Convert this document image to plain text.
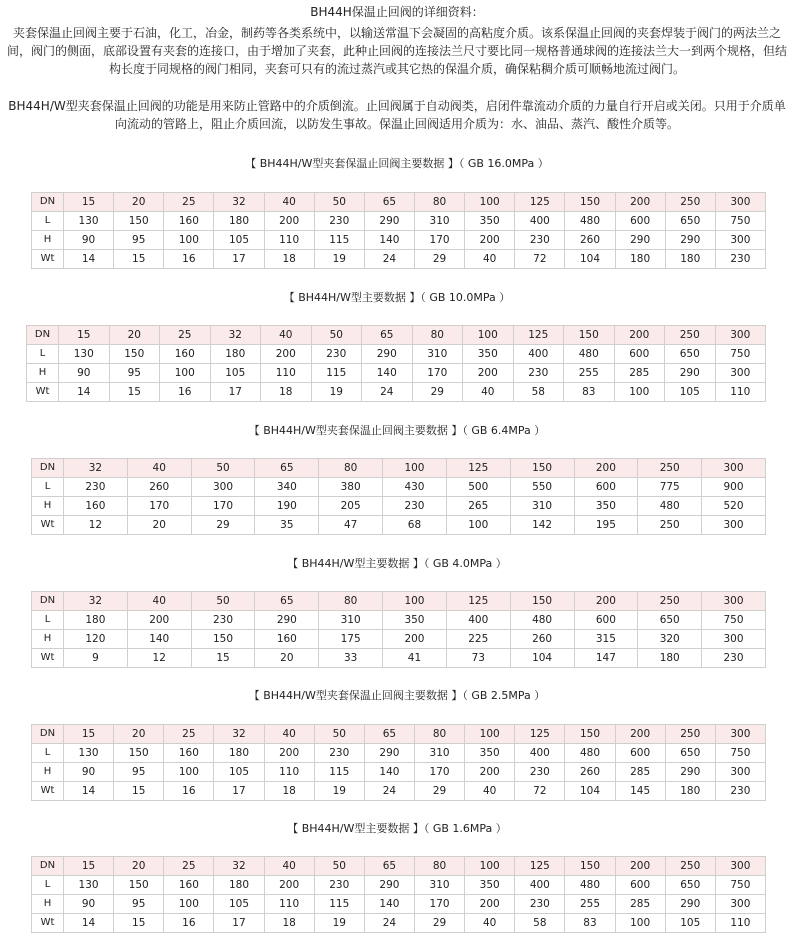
BH44H保温止回阀的详细资料：
夹套保温止回阀主要于石油，化工，冶金，制药等各类系统中，以输送常温下会凝固的高粘度介质。该系保温止回阀的夹套焊装于阀门的两法兰之间，阀门的侧面，底部设置有夹套的连接口，由于增加了夹套，此种止回阀的连接法兰尺寸要比同一规格普通球阀的连接法兰大一到两个规格，但结构长度于同规格的阀门相同，夹套可只有的流过蒸汽或其它热的保温介质，确保粘稠介质可顺畅地流过阀门。
BH44H/W型夹套保温止回阀的功能是用来防止管路中的介质倒流。止回阀属于自动阀类，启闭件靠流动介质的力量自行开启或关闭。只用于介质单向流动的管路上，阻止介质回流，以防发生事故。保温止回阀适用介质为：水、油品、蒸汽、酸性介质等。
【 BH44H/W型夹套保温止回阀主要数据 】（ GB 16.0MPa ）
DN	15	20	25	32	40	50	65	80	100	125	150	200	250	300
L	130	150	160	180	200	230	290	310	350	400	480	600	650	750
H	90	95	100	105	110	115	140	170	200	230	260	290	290	300
Wt	14	15	16	17	18	19	24	29	40	72	104	180	180	230
【 BH44H/W型主要数据 】（ GB 10.0MPa ）
DN	15	20	25	32	40	50	65	80	100	125	150	200	250	300
L	130	150	160	180	200	230	290	310	350	400	480	600	650	750
H	90	95	100	105	110	115	140	170	200	230	255	285	290	300
Wt	14	15	16	17	18	19	24	29	40	58	83	100	105	110
【 BH44H/W型夹套保温止回阀主要数据 】（ GB 6.4MPa ）
DN	32	40	50	65	80	100	125	150	200	250	300
L	230	260	300	340	380	430	500	550	600	775	900
H	160	170	170	190	205	230	265	310	350	480	520
Wt	12	20	29	35	47	68	100	142	195	250	300
【 BH44H/W型主要数据 】（ GB 4.0MPa ）
DN	32	40	50	65	80	100	125	150	200	250	300
L	180	200	230	290	310	350	400	480	600	650	750
H	120	140	150	160	175	200	225	260	315	320	300
Wt	9	12	15	20	33	41	73	104	147	180	230
【 BH44H/W型夹套保温止回阀主要数据 】（ GB 2.5MPa ）
DN	15	20	25	32	40	50	65	80	100	125	150	200	250	300
L	130	150	160	180	200	230	290	310	350	400	480	600	650	750
H	90	95	100	105	110	115	140	170	200	230	260	285	290	300
Wt	14	15	16	17	18	19	24	29	40	72	104	145	180	230
【 BH44H/W型主要数据 】（ GB 1.6MPa ）
DN	15	20	25	32	40	50	65	80	100	125	150	200	250	300
L	130	150	160	180	200	230	290	310	350	400	480	600	650	750
H	90	95	100	105	110	115	140	170	200	230	255	285	290	300
Wt	14	15	16	17	18	19	24	29	40	58	83	100	105	110
